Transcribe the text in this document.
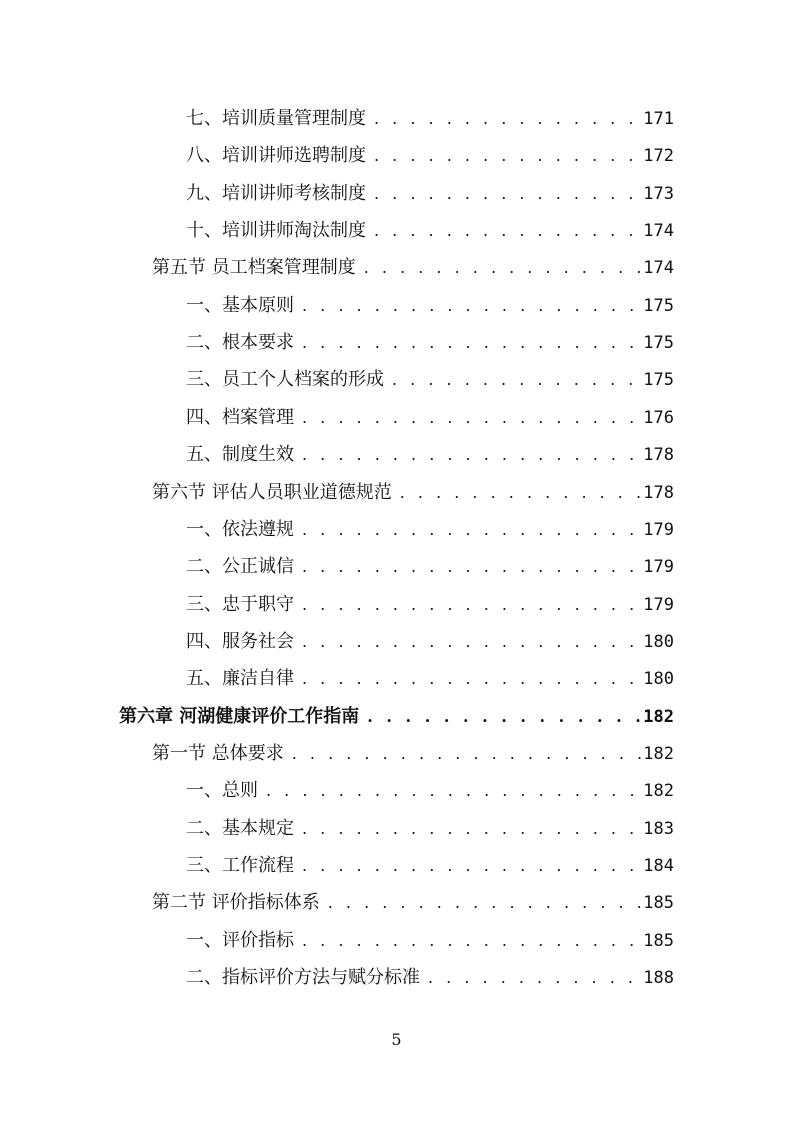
七、培训质量管理制度 . . .	171
八、培训讲师选聘制度 . . .	172
九、培训讲师考核制度 . . .	173
十、培训讲师淘汰制度 . . .	174
第五节 员工档案管理制度 . . .	174
一、基本原则 . . .	175
二、根本要求 . . .	175
三、员工个人档案的形成 . . .	175
四、档案管理 . . .	176
五、制度生效 . . .	178
第六节 评估人员职业道德规范 . . .	178
一、依法遵规 . . .	179
二、公正诚信 . . .	179
三、忠于职守 . . .	179
四、服务社会 . . .	180
五、廉洁自律 . . .	180
第六章 河湖健康评价工作指南 . . .	182
第一节 总体要求 . . .	182
一、总则 . . .	182
二、基本规定 . . .	183
三、工作流程 . . .	184
第二节 评价指标体系 . . .	185
一、评价指标 . . .	185
二、指标评价方法与赋分标准 . . .	188
5
